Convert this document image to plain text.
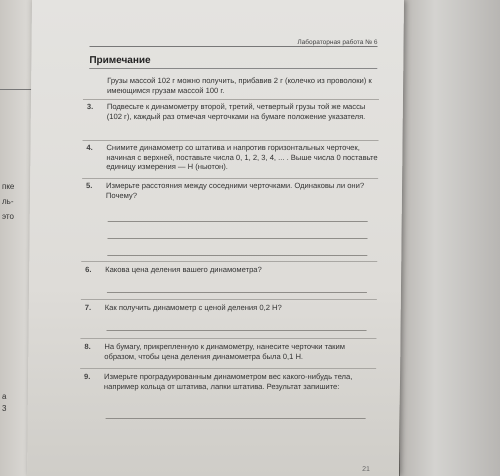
пке
ль-
это
а
3
Лабораторная работа № 6
Примечание
Грузы массой 102 г можно получить, прибавив 2 г (колечко из проволоки) к имеющимся грузам массой 100 г.
3.	Подвесьте к динамометру второй, третий, четвертый грузы той же массы (102 г), каждый раз отмечая черточками на бумаге положение указателя.
4.	Снимите динамометр со штатива и напротив горизонтальных черточек, начиная с верхней, поставьте числа 0, 1, 2, 3, 4, ... . Выше числа 0 поставьте единицу измерения — Н (ньютон).
5.	Измерьте расстояния между соседними черточками. Одинаковы ли они? Почему?
6.	Какова цена деления вашего динамометра?
7.	Как получить динамометр с ценой деления 0,2 Н?
8.	На бумагу, прикрепленную к динамометру, нанесите черточки таким образом, чтобы цена деления динамометра была 0,1 Н.
9.	Измерьте проградуированным динамометром вес какого-нибудь тела, например кольца от штатива, лапки штатива. Результат запишите:
21
